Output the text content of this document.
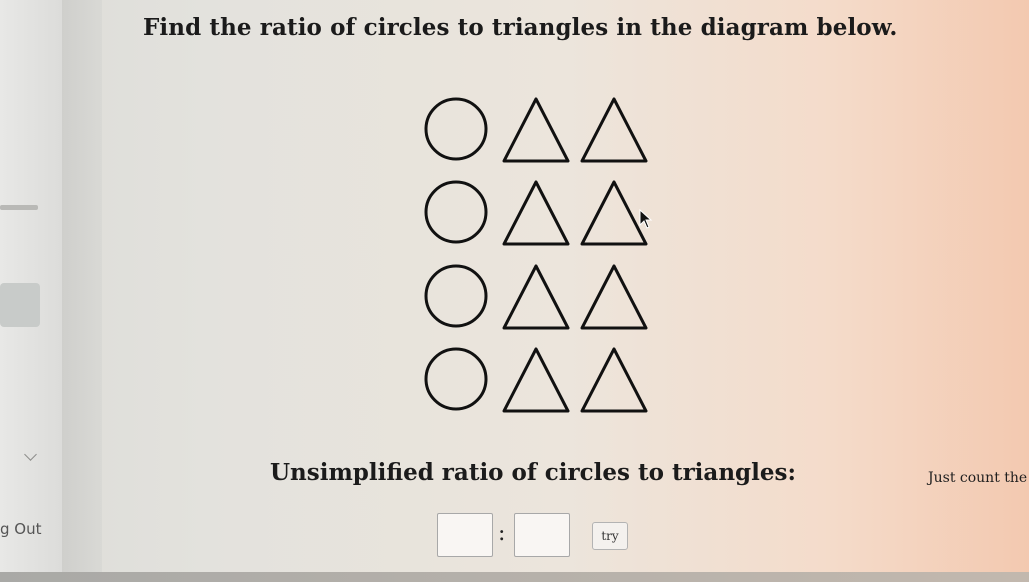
g Out
Find the ratio of circles to triangles in the diagram below.
Unsimplified ratio of circles to triangles:	Just count the
:	try
